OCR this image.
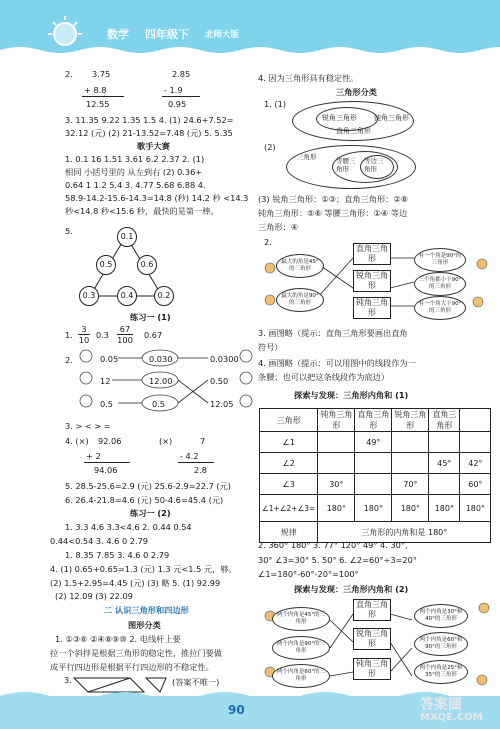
数学 四年级下 北师大版
2. 3.75
+ 8.8
12.55
2.85
- 1.9
0.95
3. 11.35 9.22 1.35 1.5 4. (1) 24.6+7.52=
32.12 (元) (2) 21-13.52=7.48 (元) 5. 5.35
歌手大赛
1. 0.1 16 1.51 3.61 6.2 2.37 2. (1)
相同 小括号里的 从左到右 (2) 0.36+
0.64 1 1.2 5.4 3. 4.77 5.68 6.88 4.
58.9-14.2-15.6-14.3=14.8 (秒) 14.2 秒 <14.3
秒<14.8 秒<15.6 秒，最快的是第一棒。
5.
0.1
0.5	0.6
0.3	0.4	0.2
练习一 (1)
1. $\frac{3}{10} 0.3 \frac{67}{100} 0.67$
2.	0.05
12
0.5
0.030
12.00
0.5
0.0300
0.50
12.05
3. > < > =
4. (×) 92.06
+ 2
94.06
(×)	7
- 4.2
2.8
5. 28.5-25.6=2.9 (元) 25.6-2.9=22.7 (元)
6. 26.4-21.8=4.6 (元) 50-4.6=45.4 (元)
练习一 (2)
1. 3.3 4.6 3.3<4.6 2. 0.44 0.54
0.44<0.54 3. 4.6 0 2.79
1. 8.35 7.85 3. 4.6 0 2.79
4. (1) 0.65+0.65=1.3 (元) 1.3 元<1.5 元，够。
(2) 1.5+2.95=4.45 (元) (3) 略 5. (1) 92.99
(2) 12.09 (3) 22.09
二 认识三角形和四边形
图形分类
1. ①③⑥ ②④⑧⑨⑩ 2. 电线杆上要
拉一个斜拌是根据三角形的稳定性，推拉门要做
成平行四边形是根据平行四边形的不稳定性。
3.	(答案不唯一)
4. 因为三角形具有稳定性。
三角形分类
1. (1)
锐角三角形 钝角三角形
直角三角形
(2)
三角形	等腰三角形
等边三角形
(3) 锐角三角形：①③；直角三角形：②⑧
钝角三角形：⑤⑥ 等腰三角形：①④ 等边
三角形：④
2.
直角三角形
锐角三角形
钝角三角形
最大的角是45°的三角形
最大的角是90°的三角形
有一个角是90°的三角形
三个角都小于90°的三角形
有一个角大于90°的三角形
3. 画图略（提示：直角三角形要画出直角
符号）
4. 画图略（提示：可以用图中的线段作为一
条腰；也可以把这条线段作为底边）
探索与发现：三角形内角和 (1)
三角形	钝角三角形	直角三角形	锐角三角形	直角三角形	
∠1		49°			
∠2				45°	42°
∠3	30°		70°		60°
∠1+∠2+∠3=	180°	180°	180°	180°	180°
规律	三角形的内角和是 180°				
2. 360° 180° 3. 77° 120° 49° 4. 30°,
30° ∠3=30° 5. 50° 6. ∠2=60°÷3=20°
∠1=180°-60°-20°=100°
探索与发现：三角形内角和 (2)
直角三角形
锐角三角形
钝角三角形
两个内角是45°的三角形
两个内角是90°的三角形
两个内角是60°的三角形
两个内角是30°和40°的三角形
两个内角是60°和90°的三角形
两个内角是25°和35°的三角形
90	答案圈
MXQE.COM
